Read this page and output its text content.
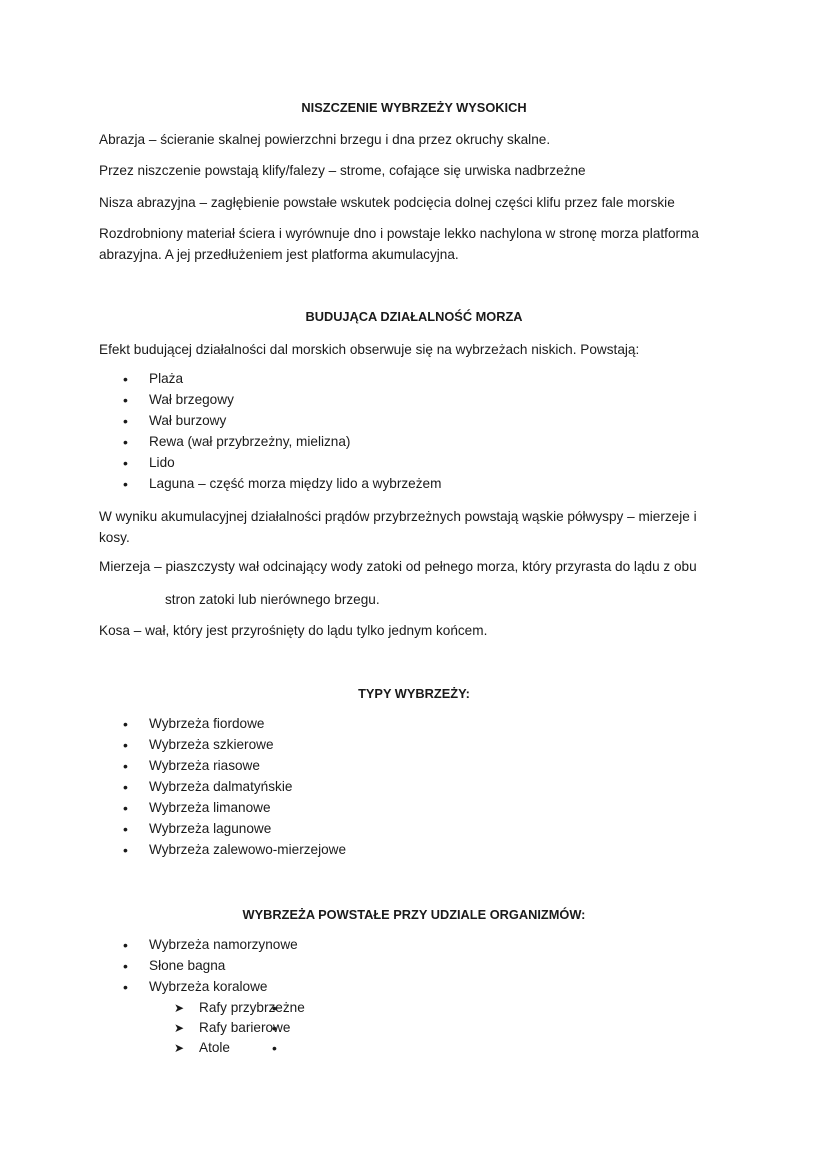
NISZCZENIE WYBRZEŻY WYSOKICH

Abrazja – ścieranie skalnej powierzchni brzegu i dna przez okruchy skalne.

Przez niszczenie powstają klify/falezy – strome, cofające się urwiska nadbrzeżne

Nisza abrazyjna – zagłębienie powstałe wskutek podcięcia dolnej części klifu przez fale morskie

Rozdrobniony materiał ściera i wyrównuje dno i powstaje lekko nachylona w stronę morza platforma abrazyjna. A jej przedłużeniem jest platforma akumulacyjna.

BUDUJĄCA DZIAŁALNOŚĆ MORZA

Efekt budującej działalności dal morskich obserwuje się na wybrzeżach niskich. Powstają:

• Plaża
• Wał brzegowy
• Wał burzowy
• Rewa (wał przybrzeżny, mielizna)
• Lido
• Laguna – część morza między lido a wybrzeżem

W wyniku akumulacyjnej działalności prądów przybrzeżnych powstają wąskie półwyspy – mierzeje i kosy.

Mierzeja – piaszczysty wał odcinający wody zatoki od pełnego morza, który przyrasta do lądu z obu

stron zatoki lub nierównego brzegu.

Kosa – wał, który jest przyrośnięty do lądu tylko jednym końcem.

TYPY WYBRZEŻY:
• Wybrzeża fiordowe
• Wybrzeża szkierowe
• Wybrzeża riasowe
• Wybrzeża dalmatyńskie
• Wybrzeża limanowe
• Wybrzeża lagunowe
• Wybrzeża zalewowo-mierzejowe
WYBRZEŻA POWSTAŁE PRZY UDZIALE ORGANIZMÓW:
• Wybrzeża namorzynowe
• Słone bagna
• Wybrzeża koralowe
• ➤ Rafy przybrzeżne
• ➤ Rafy barierowe
• ➤ Atole
